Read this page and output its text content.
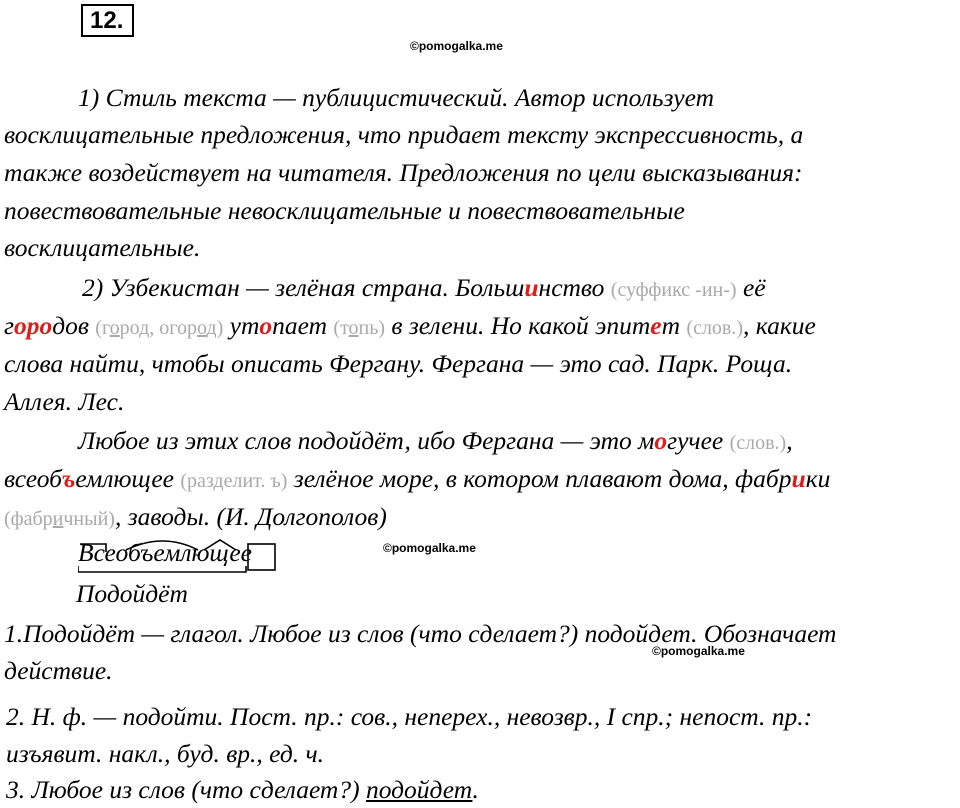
12.
©pomogalka.me
©pomogalka.me
©pomogalka.me
1) Стиль текста — публицистический. Автор использует
восклицательные предложения, что придает тексту экспрессивность, а
также воздействует на читателя. Предложения по цели высказывания:
повествовательные невосклицательные и повествовательные
восклицательные.
2) Узбекистан — зелёная страна. Большинство (суффикс -ин-) её
городов (город, огород) утопает (топь) в зелени. Но какой эпитет (слов.), какие
слова найти, чтобы описать Фергану. Фергана — это сад. Парк. Роща.
Аллея. Лес.
Любое из этих слов подойдёт, ибо Фергана — это могучее (слов.),
всеобъемлющее (разделит. ъ) зелёное море, в котором плавают дома, фабрики
(фабричный), заводы. (И. Долгополов)
Всеобъемлющее
Подойдёт
1.Подойдёт — глагол. Любое из слов (что сделает?) подойдет. Обозначает
действие.
2. Н. ф. — подойти. Пост. пр.: сов., неперех., невозвр., I спр.; непост. пр.:
изъявит. накл., буд. вр., ед. ч.
3. Любое из слов (что сделает?) подойдет.
